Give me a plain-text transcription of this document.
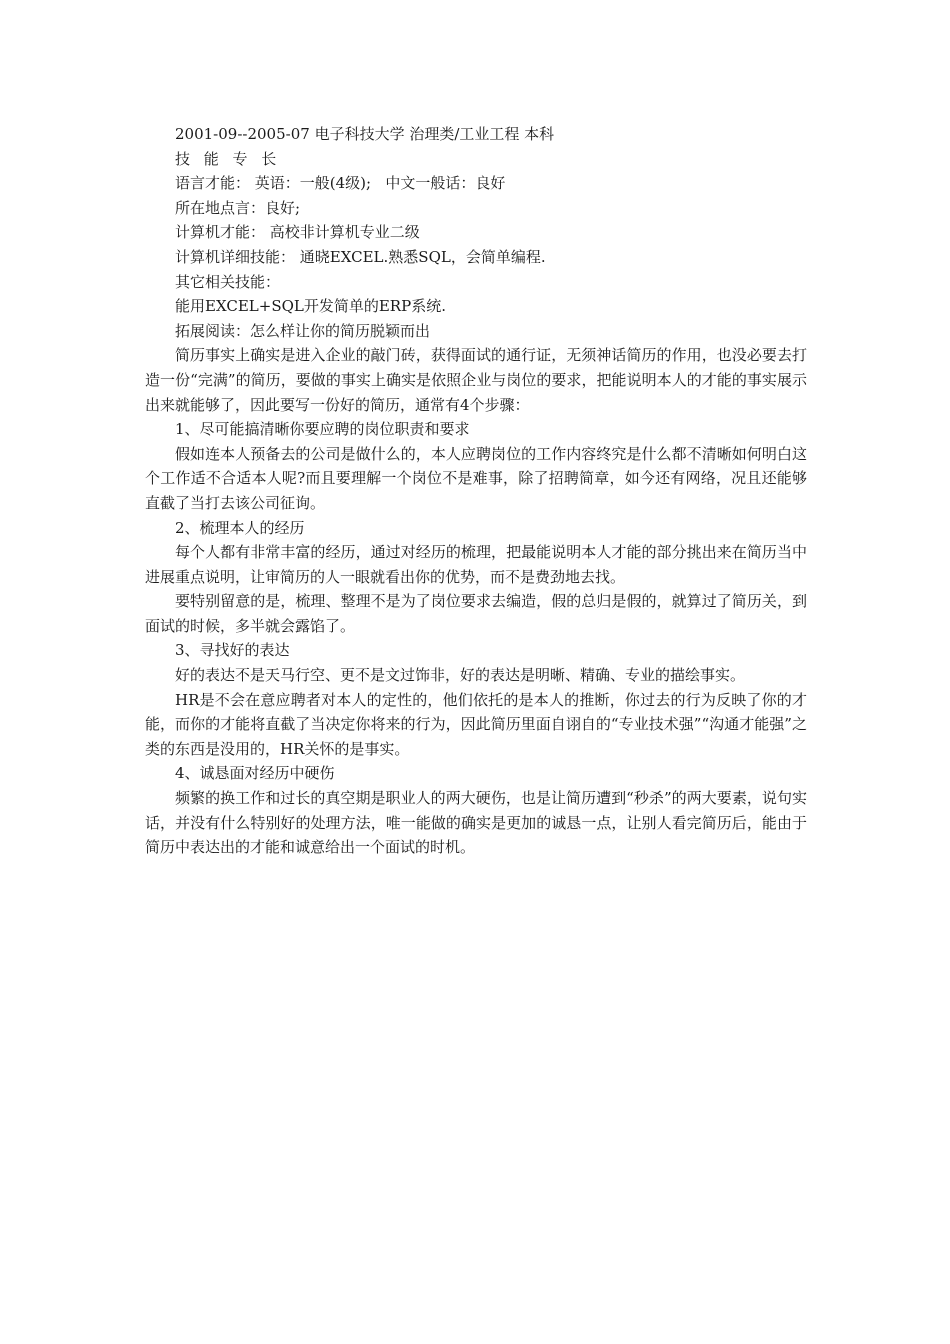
2001-09--2005-07 电子科技大学 治理类/工业工程 本科

技 能 专 长

语言才能： 英语：一般(4级);   中文一般话：良好

所在地点言：良好;

计算机才能： 高校非计算机专业二级

计算机详细技能： 通晓EXCEL.熟悉SQL，会简单编程.

其它相关技能：

能用EXCEL+SQL开发简单的ERP系统.

拓展阅读：怎么样让你的简历脱颖而出

简历事实上确实是进入企业的敲门砖，获得面试的通行证，无须神话简历的作用，也没必要去打造一份“完满”的简历，要做的事实上确实是依照企业与岗位的要求，把能说明本人的才能的事实展示出来就能够了，因此要写一份好的简历，通常有4个步骤：

1、尽可能搞清晰你要应聘的岗位职责和要求

假如连本人预备去的公司是做什么的，本人应聘岗位的工作内容终究是什么都不清晰如何明白这个工作适不合适本人呢?而且要理解一个岗位不是难事，除了招聘简章，如今还有网络，况且还能够直截了当打去该公司征询。

2、梳理本人的经历

每个人都有非常丰富的经历，通过对经历的梳理，把最能说明本人才能的部分挑出来在简历当中进展重点说明，让审简历的人一眼就看出你的优势，而不是费劲地去找。

要特别留意的是，梳理、整理不是为了岗位要求去编造，假的总归是假的，就算过了简历关，到面试的时候，多半就会露馅了。

3、寻找好的表达

好的表达不是天马行空、更不是文过饰非，好的表达是明晰、精确、专业的描绘事实。

HR是不会在意应聘者对本人的定性的，他们依托的是本人的推断，你过去的行为反映了你的才能，而你的才能将直截了当决定你将来的行为，因此简历里面自诩自的“专业技术强”“沟通才能强”之类的东西是没用的，HR关怀的是事实。

4、诚恳面对经历中硬伤

频繁的换工作和过长的真空期是职业人的两大硬伤，也是让简历遭到“秒杀”的两大要素，说句实话，并没有什么特别好的处理方法，唯一能做的确实是更加的诚恳一点，让别人看完简历后，能由于简历中表达出的才能和诚意给出一个面试的时机。
